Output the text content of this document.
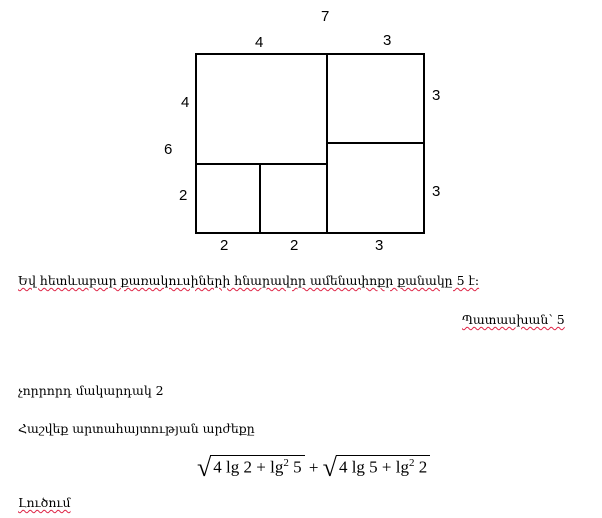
7
4	3
6
4
2
3
3
2	2	3
Եվ հետևաբար քառակուսիների հնարավոր ամենափոքր քանակը 5 է:
Պատասխան՝ 5
չորրորդ մակարդակ 2
Հաշվեք արտահայտության արժեքը
√ 4 $\lg 2 + \lg^2 5$ + √ 4 $\lg 5 + \lg^2 2$
Լուծում
